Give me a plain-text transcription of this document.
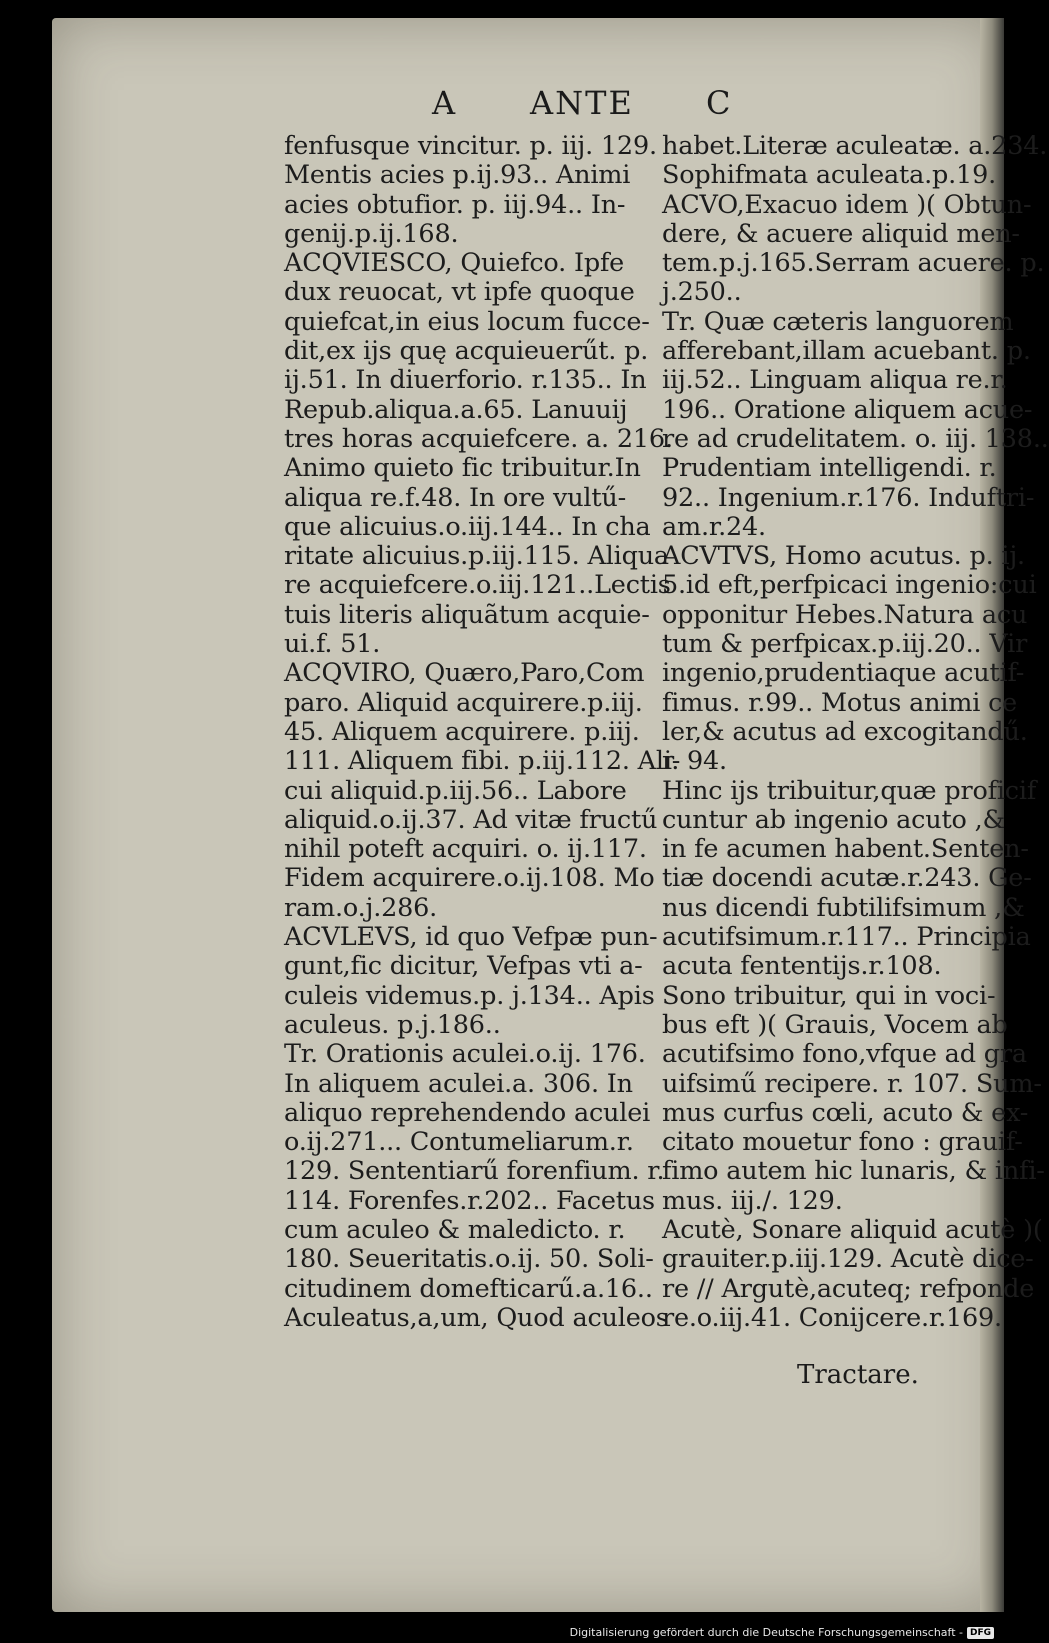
A ANTE C
fenfusque vincitur. p. iij. 129.
Mentis acies p.ij.93.. Animi
acies obtufior. p. iij.94.. In-
genij.p.ij.168.
ACQVIESCO, Quiefco. Ipfe
dux reuocat, vt ipfe quoque
quiefcat,in eius locum fucce-
dit,ex ijs quę acquieuerűt. p.
ij.51. In diuerforio. r.135.. In
Repub.aliqua.a.65. Lanuuij
tres horas acquiefcere. a. 216.
Animo quieto fic tribuitur.In
aliqua re.f.48. In ore vultű-
que alicuius.o.iij.144.. In cha
ritate alicuius.p.iij.115. Aliqua
re acquiefcere.o.iij.121..Lectis
tuis literis aliquãtum acquie-
ui.f. 51.
ACQVIRO, Quæro,Paro,Com
paro. Aliquid acquirere.p.iij.
45. Aliquem acquirere. p.iij.
111. Aliquem fibi. p.iij.112. Ali-
cui aliquid.p.iij.56.. Labore
aliquid.o.ij.37. Ad vitæ fructű
nihil poteft acquiri. o. ij.117.
Fidem acquirere.o.ij.108. Mo
ram.o.j.286.
ACVLEVS, id quo Vefpæ pun-
gunt,fic dicitur, Vefpas vti a-
culeis videmus.p. j.134.. Apis
aculeus. p.j.186..
Tr. Orationis aculei.o.ij. 176.
In aliquem aculei.a. 306. In
aliquo reprehendendo aculei
o.ij.271... Contumeliarum.r.
129. Sententiarű forenfium. r.
114. Forenfes.r.202.. Facetus
cum aculeo & maledicto. r.
180. Seueritatis.o.ij. 50. Soli-
citudinem domefticarű.a.16..
Aculeatus,a,um, Quod aculeos
habet.Literæ aculeatæ. a.234.
Sophifmata aculeata.p.19.
ACVO,Exacuo idem )( Obtun-
dere, & acuere aliquid men-
tem.p.j.165.Serram acuere. p.
j.250..
Tr. Quæ cæteris languorem
afferebant,illam acuebant. p.
iij.52.. Linguam aliqua re.r.
196.. Oratione aliquem acue-
re ad crudelitatem. o. iij. 138..
Prudentiam intelligendi. r.
92.. Ingenium.r.176. Induftri-
am.r.24.
ACVTVS, Homo acutus. p. ij.
5.id eft,perfpicaci ingenio:cui
opponitur Hebes.Natura acu
tum & perfpicax.p.iij.20.. Vir
ingenio,prudentiaque acutif-
fimus. r.99.. Motus animi ce
ler,& acutus ad excogitandű.
r. 94.
Hinc ijs tribuitur,quæ proficif
cuntur ab ingenio acuto ,&
in fe acumen habent.Senten-
tiæ docendi acutæ.r.243. Ge-
nus dicendi fubtilifsimum ,&
acutifsimum.r.117.. Principia
acuta fententijs.r.108.
Sono tribuitur, qui in voci-
bus eft )( Grauis, Vocem ab
acutifsimo fono,vfque ad gra
uifsimű recipere. r. 107. Sum-
mus curfus cœli, acuto & ex-
citato mouetur fono : grauif-
fimo autem hic lunaris, & infi-
mus. iij./. 129.
Acutè, Sonare aliquid acutè )(
grauiter.p.iij.129. Acutè dice-
re // Argutè,acuteq; refponde
re.o.iij.41. Conijcere.r.169.
Tractare.
Digitalisierung gefördert durch die Deutsche Forschungsgemeinschaft - DFG
